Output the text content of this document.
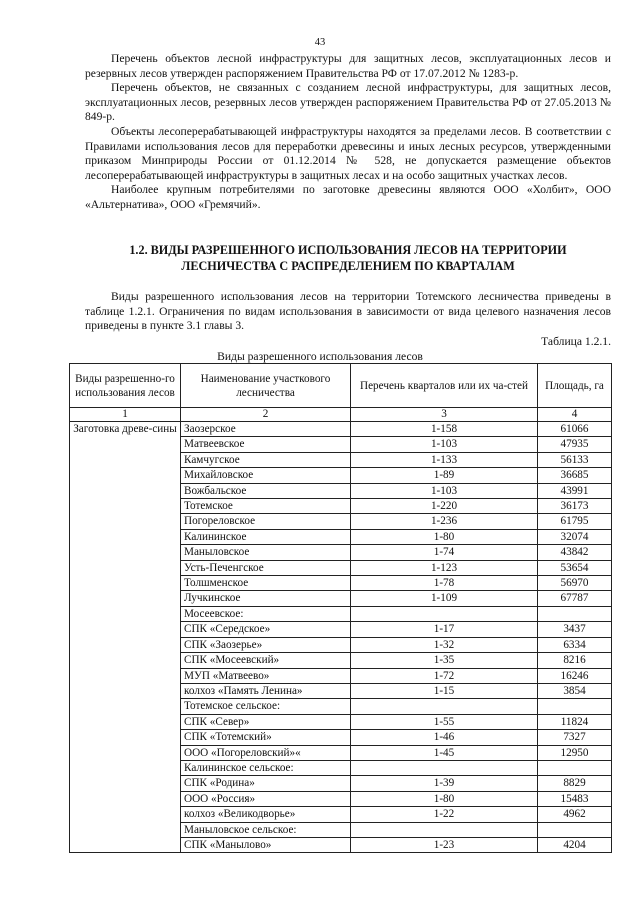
43

Перечень объектов лесной инфраструктуры для защитных лесов, эксплуатационных лесов и резервных лесов утвержден распоряжением Правительства РФ от 17.07.2012 № 1283-р.

Перечень объектов, не связанных с созданием лесной инфраструктуры, для защитных лесов, эксплуатационных лесов, резервных лесов утвержден распоряжением Правительства РФ от 27.05.2013 № 849-р.

Объекты лесоперерабатывающей инфраструктуры находятся за пределами лесов. В соответствии с Правилами использования лесов для переработки древесины и иных лесных ресурсов, утвержденными приказом Минприроды России от 01.12.2014 № 528, не допускается размещение объектов лесоперерабатывающей инфраструктуры в защитных лесах и на особо защитных участках лесов.

Наиболее крупным потребителями по заготовке древесины являются ООО «Холбит», ООО «Альтернатива», ООО «Гремячий».

1.2. ВИДЫ РАЗРЕШЕННОГО ИСПОЛЬЗОВАНИЯ ЛЕСОВ НА ТЕРРИТОРИИ
ЛЕСНИЧЕСТВА С РАСПРЕДЕЛЕНИЕМ ПО КВАРТАЛАМ

Виды разрешенного использования лесов на территории Тотемского лесничества приведены в таблице 1.2.1. Ограничения по видам использования в зависимости от вида целевого назначения лесов приведены в пункте 3.1 главы 3.

Таблица 1.2.1.
Виды разрешенного использования лесов
Виды разрешенно-го использования лесов	Наименование участкового лесничества	Перечень кварталов или их ча-стей	Площадь, га
1	2	3	4
Заготовка древе-сины	Заозерское	1-158	61066
	Матвеевское	1-103	47935
	Камчугское	1-133	56133
	Михайловское	1-89	36685
	Вожбальское	1-103	43991
	Тотемское	1-220	36173
	Погореловское	1-236	61795
	Калининское	1-80	32074
	Маныловское	1-74	43842
	Усть-Печенгское	1-123	53654
	Толшменское	1-78	56970
	Лучкинское	1-109	67787
	Мосеевское:		
	СПК «Середское»	1-17	3437
	СПК «Заозерье»	1-32	6334
	СПК «Мосеевский»	1-35	8216
	МУП «Матвеево»	1-72	16246
	колхоз «Память Ленина»	1-15	3854
	Тотемское сельское:		
	СПК «Север»	1-55	11824
	СПК «Тотемский»	1-46	7327
	ООО «Погореловский»«	1-45	12950
	Калининское сельское:		
	СПК «Родина»	1-39	8829
	ООО «Россия»	1-80	15483
	колхоз «Великодворье»	1-22	4962
	Маныловское сельское:		
	СПК «Манылово»	1-23	4204
